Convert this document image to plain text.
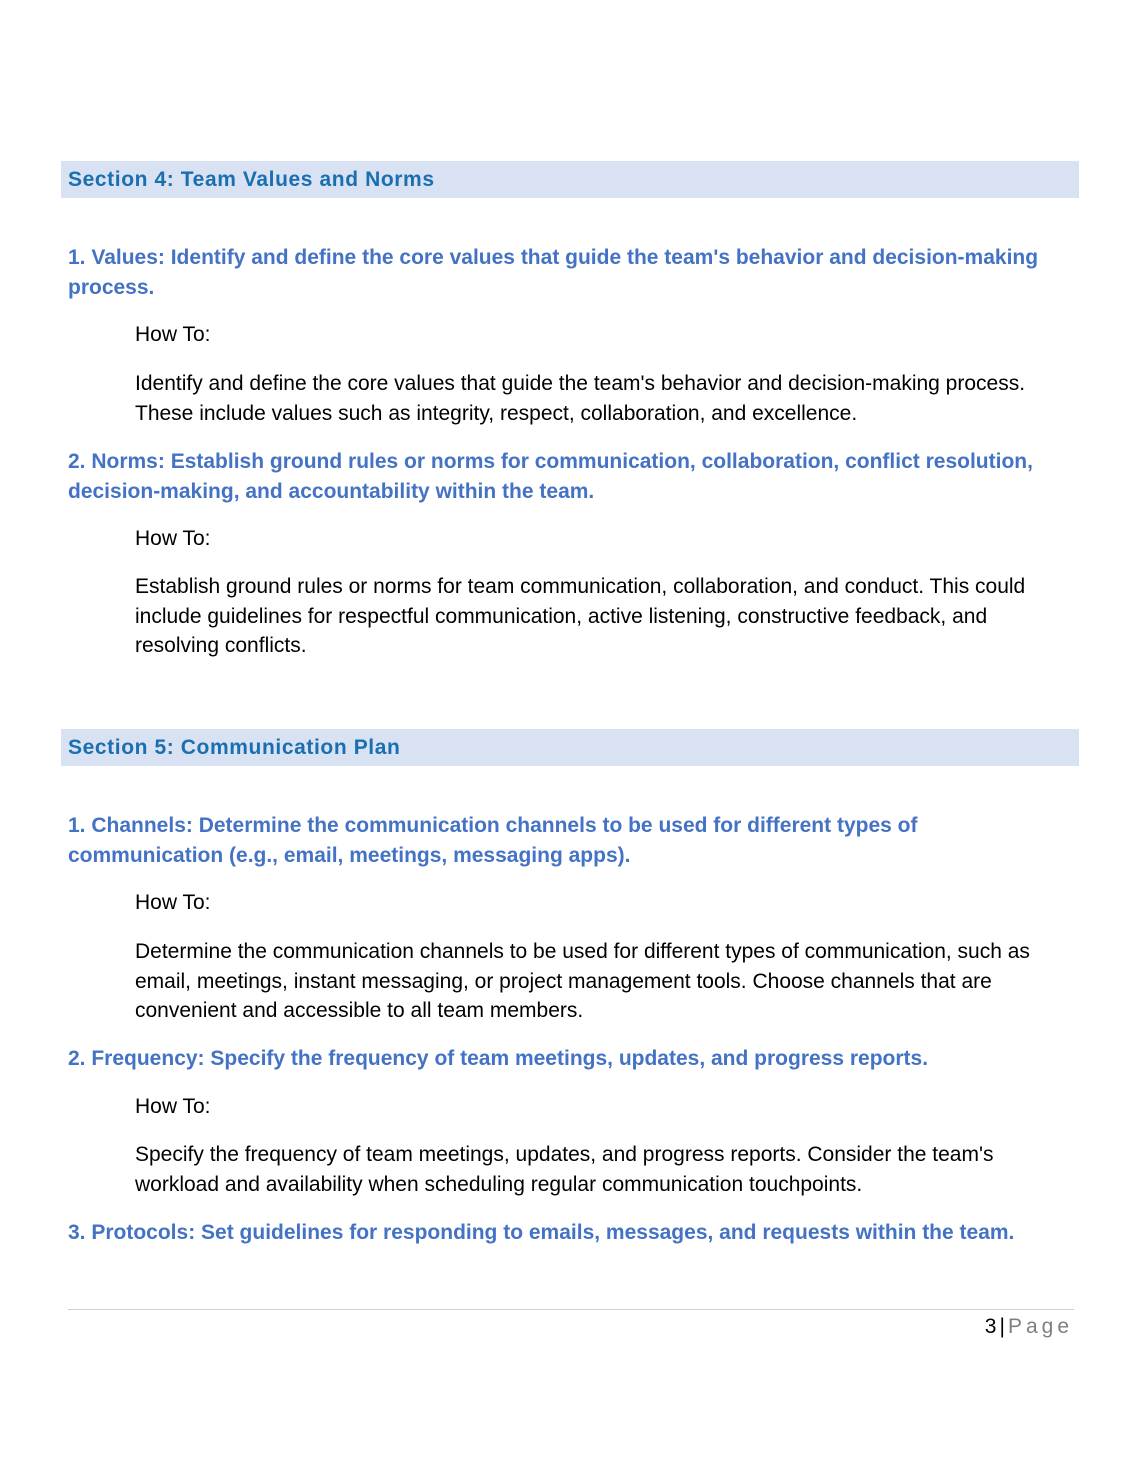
Section 4: Team Values and Norms
1. Values: Identify and define the core values that guide the team's behavior and decision-making process.
How To:
Identify and define the core values that guide the team's behavior and decision-making process. These include values such as integrity, respect, collaboration, and excellence.
2. Norms: Establish ground rules or norms for communication, collaboration, conflict resolution, decision-making, and accountability within the team.
How To:
Establish ground rules or norms for team communication, collaboration, and conduct. This could include guidelines for respectful communication, active listening, constructive feedback, and resolving conflicts.
Section 5: Communication Plan
1. Channels: Determine the communication channels to be used for different types of communication (e.g., email, meetings, messaging apps).
How To:
Determine the communication channels to be used for different types of communication, such as email, meetings, instant messaging, or project management tools. Choose channels that are convenient and accessible to all team members.
2. Frequency: Specify the frequency of team meetings, updates, and progress reports.
How To:
Specify the frequency of team meetings, updates, and progress reports. Consider the team's workload and availability when scheduling regular communication touchpoints.
3. Protocols: Set guidelines for responding to emails, messages, and requests within the team.
3 | Page
